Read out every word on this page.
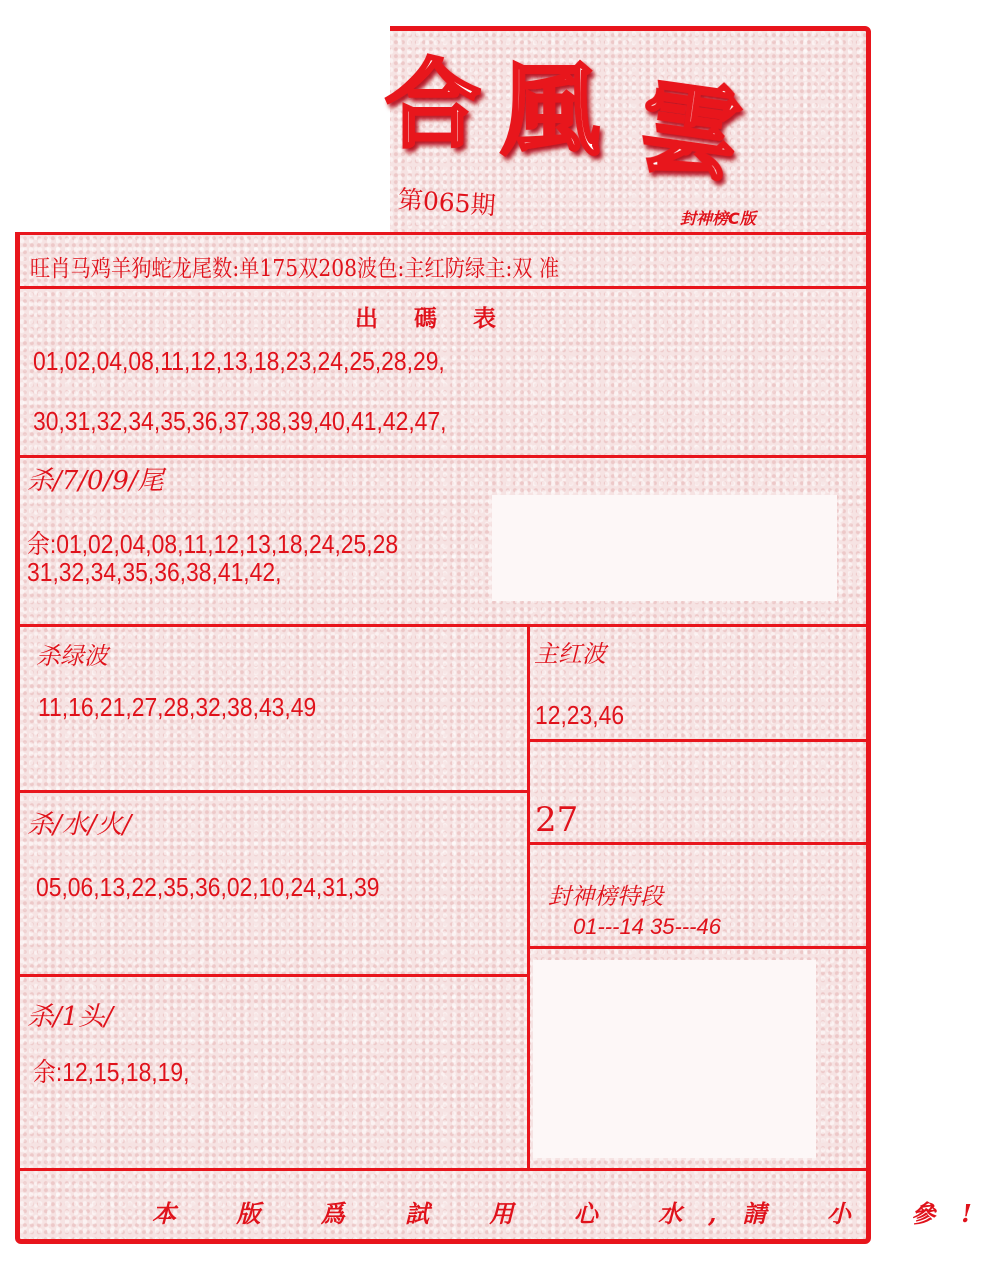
合 風 雲
第065期	封神榜C版
旺肖马鸡羊狗蛇龙尾数:单175双208波色:主红防绿主:双 准
出 碼 表
01,02,04,08,11,12,13,18,23,24,25,28,29,
30,31,32,34,35,36,37,38,39,40,41,42,47,
杀/7/0/9/尾
余:01,02,04,08,11,12,13,18,24,25,28
31,32,34,35,36,38,41,42,
杀绿波
11,16,21,27,28,32,38,43,49
主红波
12,23,46
杀/水/火/
05,06,13,22,35,36,02,10,24,31,39
27
封神榜特段
01---14 35---46
杀/1头/
余:12,15,18,19,
本 版 爲 試 用 心 水,請 小 參!
